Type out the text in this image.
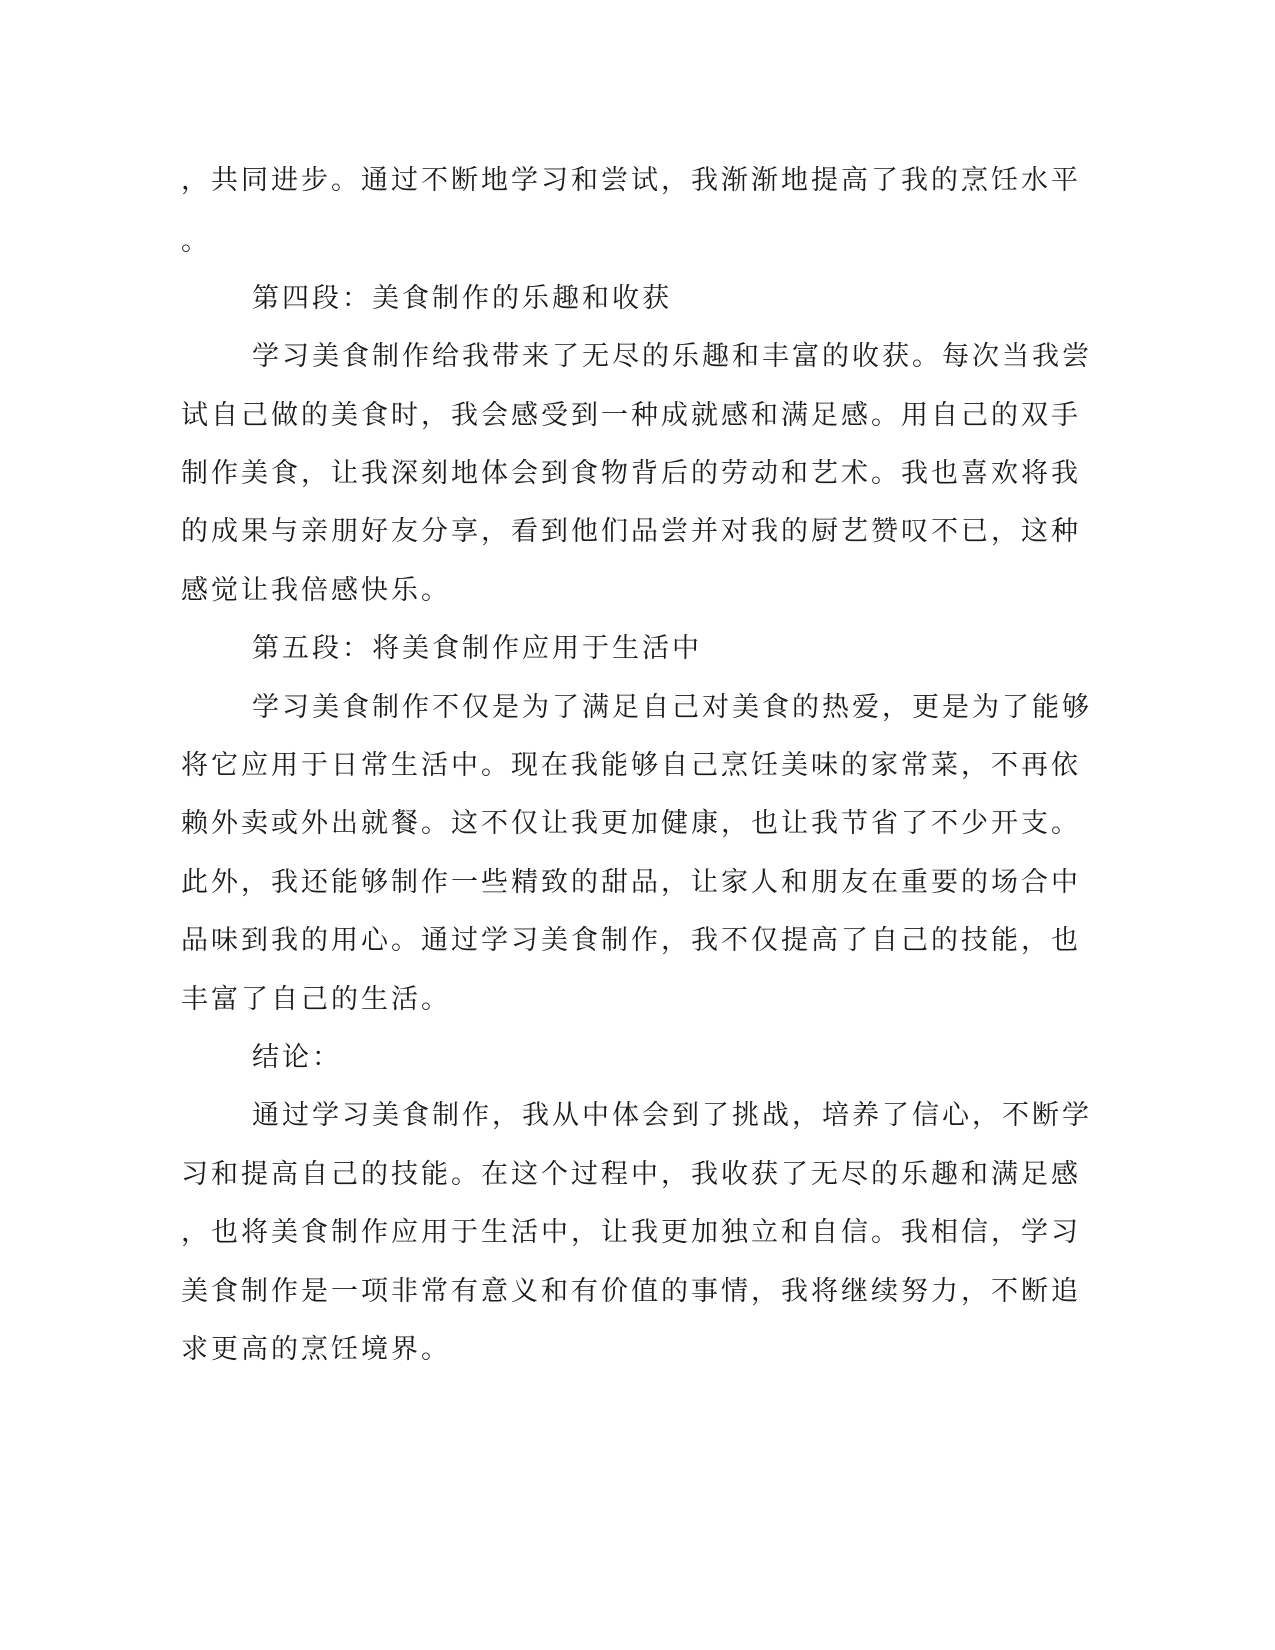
，共同进步。通过不断地学习和尝试，我渐渐地提高了我的烹饪水平
。
第四段：美食制作的乐趣和收获
学习美食制作给我带来了无尽的乐趣和丰富的收获。每次当我尝
试自己做的美食时，我会感受到一种成就感和满足感。用自己的双手
制作美食，让我深刻地体会到食物背后的劳动和艺术。我也喜欢将我
的成果与亲朋好友分享，看到他们品尝并对我的厨艺赞叹不已，这种
感觉让我倍感快乐。
第五段：将美食制作应用于生活中
学习美食制作不仅是为了满足自己对美食的热爱，更是为了能够
将它应用于日常生活中。现在我能够自己烹饪美味的家常菜，不再依
赖外卖或外出就餐。这不仅让我更加健康，也让我节省了不少开支。
此外，我还能够制作一些精致的甜品，让家人和朋友在重要的场合中
品味到我的用心。通过学习美食制作，我不仅提高了自己的技能，也
丰富了自己的生活。
结论：
通过学习美食制作，我从中体会到了挑战，培养了信心，不断学
习和提高自己的技能。在这个过程中，我收获了无尽的乐趣和满足感
，也将美食制作应用于生活中，让我更加独立和自信。我相信，学习
美食制作是一项非常有意义和有价值的事情，我将继续努力，不断追
求更高的烹饪境界。
